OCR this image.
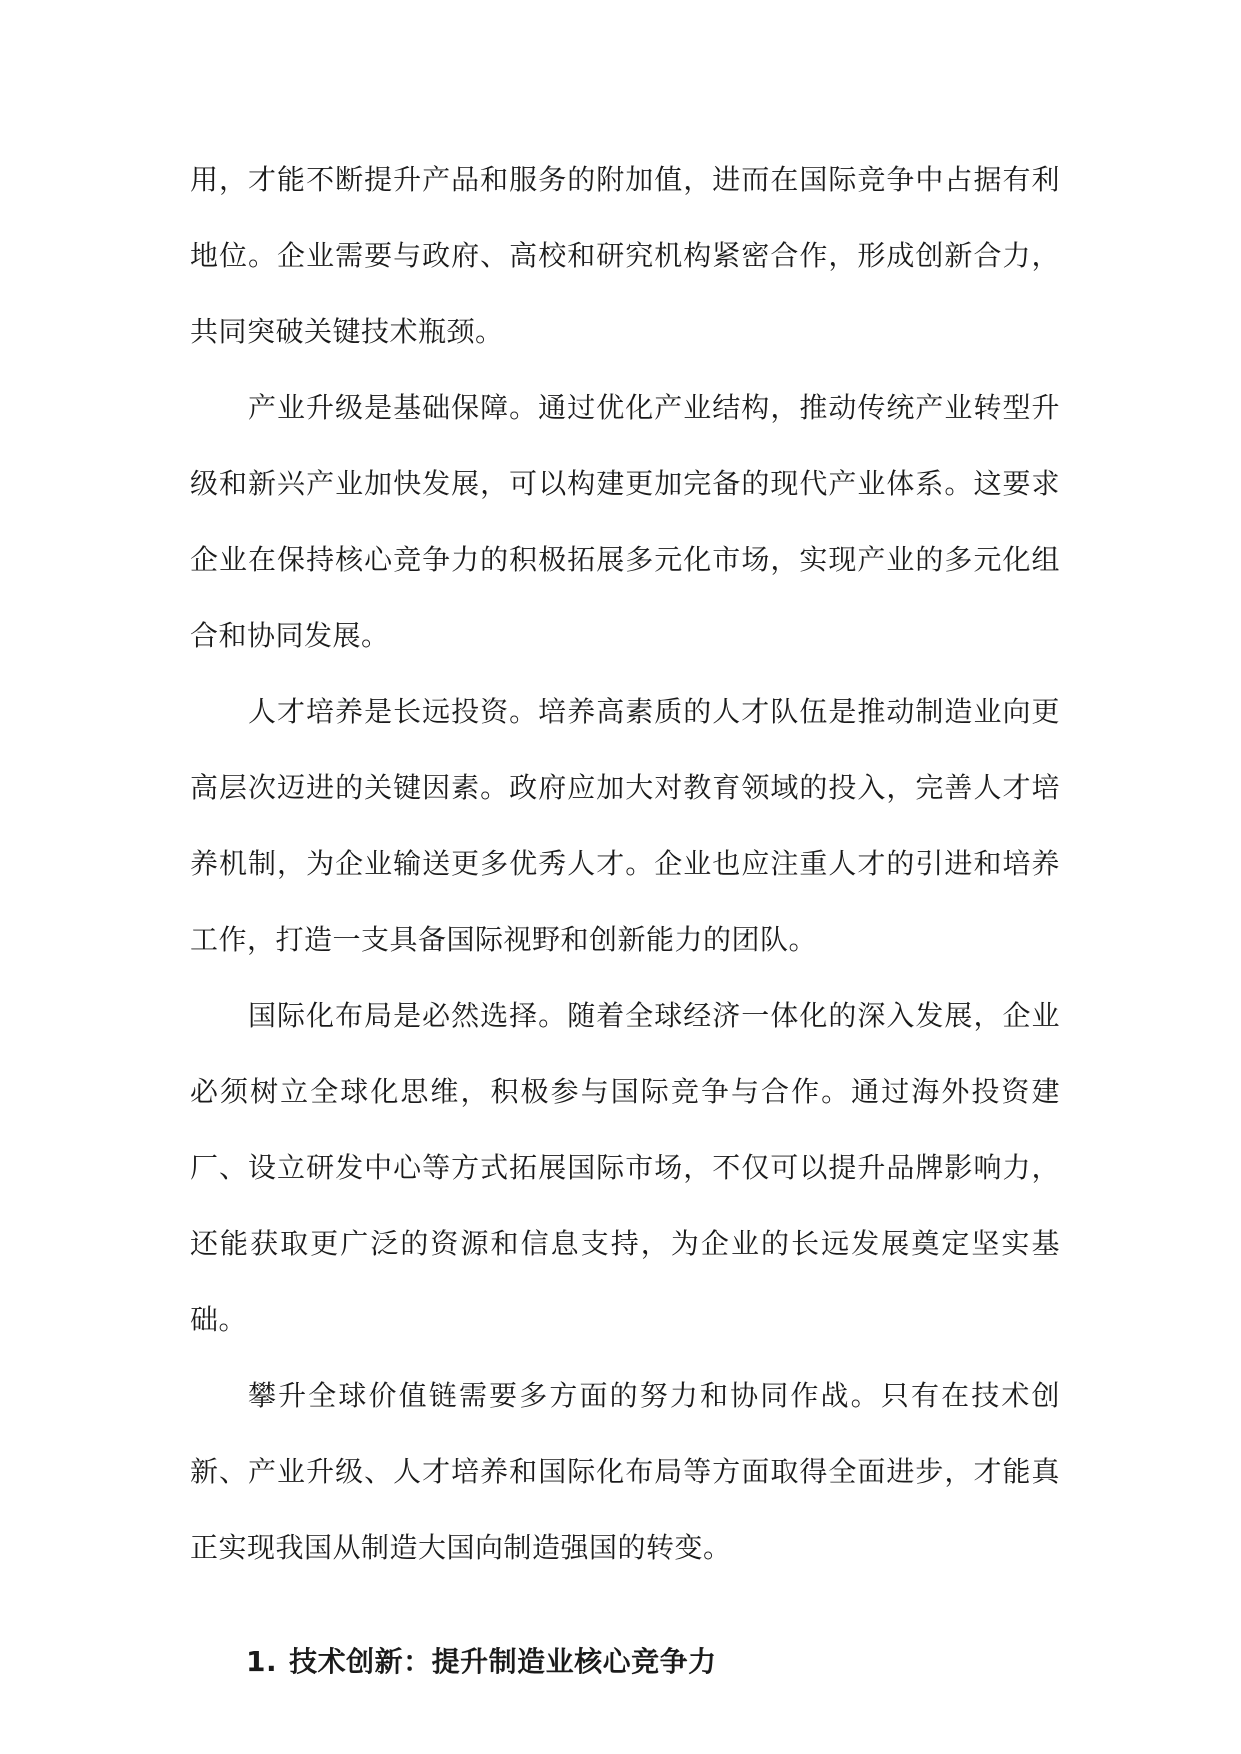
用，才能不断提升产品和服务的附加值，进而在国际竞争中占据有利地位。企业需要与政府、高校和研究机构紧密合作，形成创新合力，共同突破关键技术瓶颈。

产业升级是基础保障。通过优化产业结构，推动传统产业转型升级和新兴产业加快发展，可以构建更加完备的现代产业体系。这要求企业在保持核心竞争力的积极拓展多元化市场，实现产业的多元化组合和协同发展。

人才培养是长远投资。培养高素质的人才队伍是推动制造业向更高层次迈进的关键因素。政府应加大对教育领域的投入，完善人才培养机制，为企业输送更多优秀人才。企业也应注重人才的引进和培养工作，打造一支具备国际视野和创新能力的团队。

国际化布局是必然选择。随着全球经济一体化的深入发展，企业必须树立全球化思维，积极参与国际竞争与合作。通过海外投资建厂、设立研发中心等方式拓展国际市场，不仅可以提升品牌影响力，还能获取更广泛的资源和信息支持，为企业的长远发展奠定坚实基础。

攀升全球价值链需要多方面的努力和协同作战。只有在技术创新、产业升级、人才培养和国际化布局等方面取得全面进步，才能真正实现我国从制造大国向制造强国的转变。

1. 技术创新：提升制造业核心竞争力
